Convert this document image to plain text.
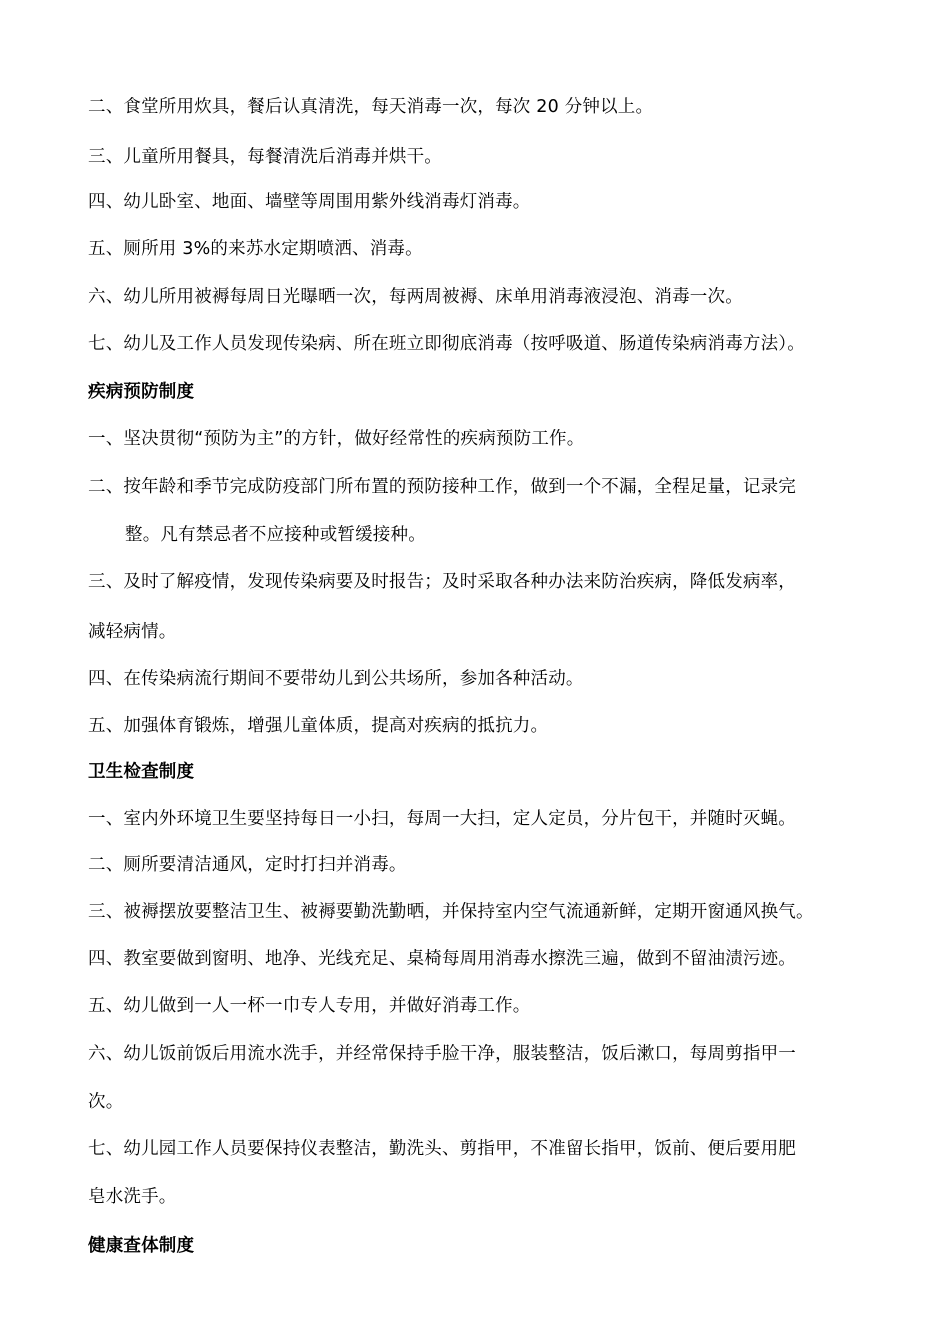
二、食堂所用炊具，餐后认真清洗，每天消毒一次，每次 20 分钟以上。
三、儿童所用餐具，每餐清洗后消毒并烘干。
四、幼儿卧室、地面、墙壁等周围用紫外线消毒灯消毒。
五、厕所用 3%的来苏水定期喷洒、消毒。
六、幼儿所用被褥每周日光曝晒一次，每两周被褥、床单用消毒液浸泡、消毒一次。
七、幼儿及工作人员发现传染病、所在班立即彻底消毒（按呼吸道、肠道传染病消毒方法）。
疾病预防制度
一、坚决贯彻“预防为主”的方针，做好经常性的疾病预防工作。
二、按年龄和季节完成防疫部门所布置的预防接种工作，做到一个不漏，全程足量，记录完
整。凡有禁忌者不应接种或暂缓接种。
三、及时了解疫情，发现传染病要及时报告；及时采取各种办法来防治疾病，降低发病率，
减轻病情。
四、在传染病流行期间不要带幼儿到公共场所，参加各种活动。
五、加强体育锻炼，增强儿童体质，提高对疾病的抵抗力。
卫生检查制度
一、室内外环境卫生要坚持每日一小扫，每周一大扫，定人定员，分片包干，并随时灭蝇。
二、厕所要清洁通风，定时打扫并消毒。
三、被褥摆放要整洁卫生、被褥要勤洗勤晒，并保持室内空气流通新鲜，定期开窗通风换气。
四、教室要做到窗明、地净、光线充足、桌椅每周用消毒水擦洗三遍，做到不留油渍污迹。
五、幼儿做到一人一杯一巾专人专用，并做好消毒工作。
六、幼儿饭前饭后用流水洗手，并经常保持手脸干净，服装整洁，饭后漱口，每周剪指甲一
次。
七、幼儿园工作人员要保持仪表整洁，勤洗头、剪指甲，不准留长指甲，饭前、便后要用肥
皂水洗手。
健康查体制度
